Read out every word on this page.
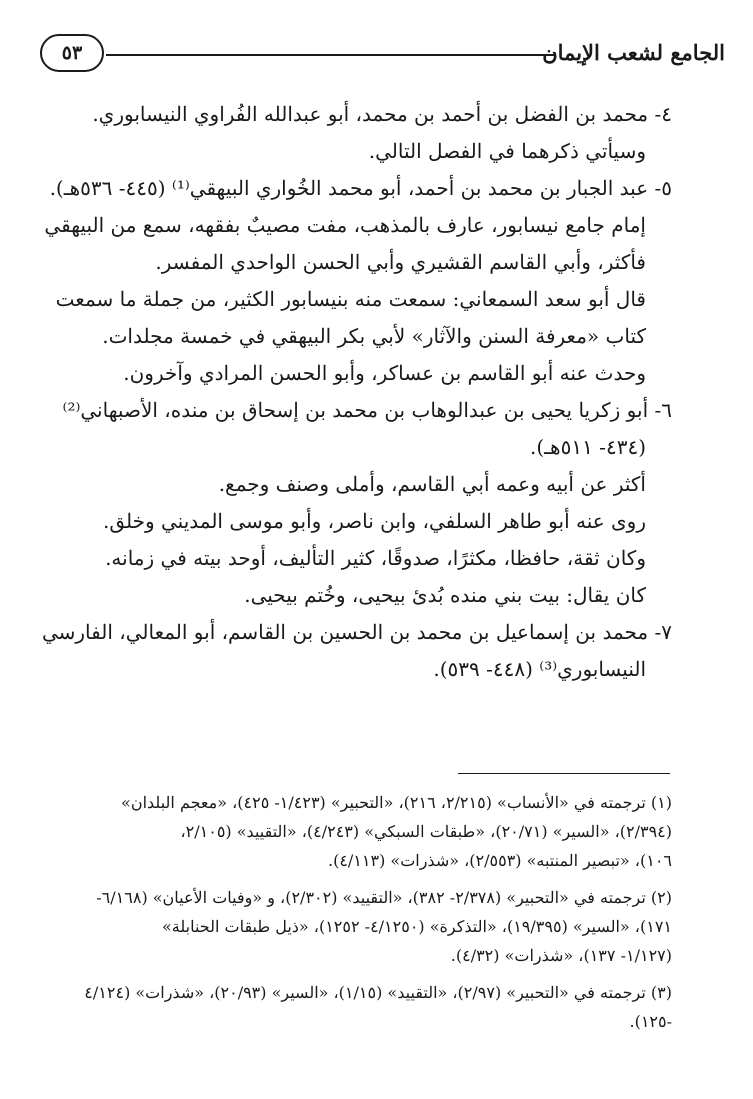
الجامع لشعب الإيمان
٥٣

٤- محمد بن الفضل بن أحمد بن محمد، أبو عبدالله الفُراوي النيسابوري.

وسيأتي ذكرهما في الفصل التالي.

٥- عبد الجبار بن محمد بن أحمد، أبو محمد الخُواري البيهقي⁽¹⁾ (٤٤٥- ٥٣٦هـ).

إمام جامع نيسابور، عارف بالمذهب، مفت مصيبٌ بفقهه، سمع من البيهقي

فأكثر، وأبي القاسم القشيري وأبي الحسن الواحدي المفسر.

قال أبو سعد السمعاني: سمعت منه بنيسابور الكثير، من جملة ما سمعت

كتاب «معرفة السنن والآثار» لأبي بكر البيهقي في خمسة مجلدات.

وحدث عنه أبو القاسم بن عساكر، وأبو الحسن المرادي وآخرون.

٦- أبو زكريا يحيى بن عبدالوهاب بن محمد بن إسحاق بن منده، الأصبهاني⁽²⁾

(٤٣٤- ٥١١هـ).

أكثر عن أبيه وعمه أبي القاسم، وأملى وصنف وجمع.

روى عنه أبو طاهر السلفي، وابن ناصر، وأبو موسى المديني وخلق.

وكان ثقة، حافظا، مكثرًا، صدوقًا، كثير التأليف، أوحد بيته في زمانه.

كان يقال: بيت بني منده بُدئ بيحيى، وخُتم بيحيى.

٧- محمد بن إسماعيل بن محمد بن الحسين بن القاسم، أبو المعالي، الفارسي

النيسابوري⁽³⁾ (٤٤٨- ٥٣٩).

(١) ترجمته في «الأنساب» (٢/٢١٥، ٢١٦)، «التحبير» (١/٤٢٣- ٤٢٥)، «معجم البلدان»
(٢/٣٩٤)، «السير» (٢٠/٧١)، «طبقات السبكي» (٤/٢٤٣)، «التقييد» (٢/١٠٥،
١٠٦)، «تبصير المنتبه» (٢/٥٥٣)، «شذرات» (٤/١١٣).
(٢) ترجمته في «التحبير» (٢/٣٧٨- ٣٨٢)، «التقييد» (٢/٣٠٢)، و «وفيات الأعيان» (٦/١٦٨-
١٧١)، «السير» (١٩/٣٩٥)، «التذكرة» (٤/١٢٥٠- ١٢٥٢)، «ذيل طبقات الحنابلة»
(١/١٢٧- ١٣٧)، «شذرات» (٤/٣٢).
(٣) ترجمته في «التحبير» (٢/٩٧)، «التقييد» (١/١٥)، «السير» (٢٠/٩٣)، «شذرات» (٤/١٢٤
-١٢٥).
